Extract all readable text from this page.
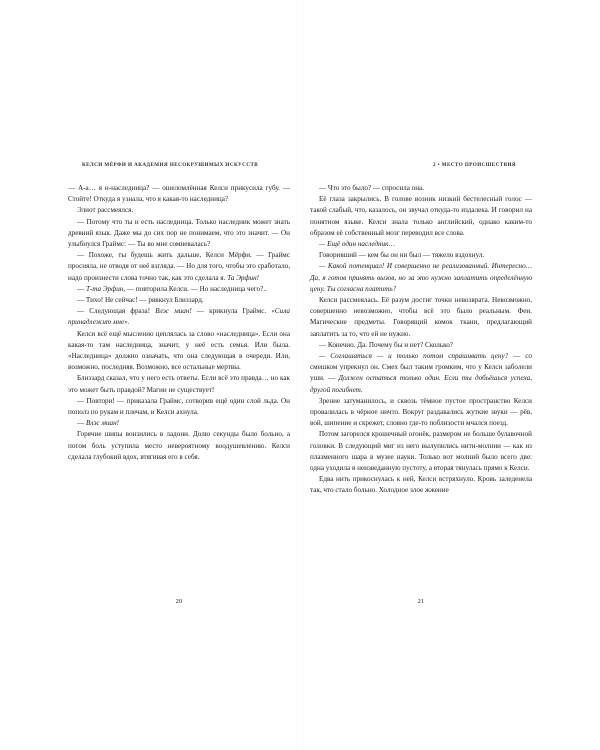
КЕЛСИ МЁРФИ И АКАДЕМИЯ НЕСОКРУШИМЫХ ИСКУССТВ

— А-а… я н-наследница? — ошеломлённая Келси прикусила губу. — Стойте! Откуда я узнала, что я какая-то наследница?

Элиот рассмеялся.

— Потому что ты и есть наследница. Только наследник может знать древний язык. Даже мы до сих пор не понимаем, что это значит. — Он улыбнулся Граймс: — Ты во мне сомневалась?

— Похоже, ты будешь жить дальше, Келси Мёрфи. — Граймс просияла, не отводя от неё взгляда. — Но для того, чтобы это сработало, надо произнести слова точно так, как это сделала я. Та Эрфин!

— Т-та Эрфин, — повторила Келси. — Но наследница чего?..

— Тихо! Не сейчас! — рявкнул Близзард.

— Следующая фраза! Влэс миан! — крикнула Граймс. «Сила принадлежит мне».

Келси всё ещё мысленно цеплялась за слово «наследница». Если она какая-то там наследница, значит, у неё есть семья. Или была. «Наследница» должно означать, что она следующая в очереди. Или, возможно, последняя. Возможно, все остальные мертвы.

Близзард сказал, что у него есть ответы. Если всё это правда… но как это может быть правдой? Магии не существует!

— Повтори! — приказала Граймс, сотворив ещё один слой льда. Он пополз по рукам и плечам, и Келси ахнула.

— Влэс миан!

Горячие шипы вонзились в ладони. Долю секунды было больно, а потом боль уступила место невероятному воодушевлению. Келси сделала глубокий вдох, втягивая его в себя.

20
2 • МЕСТО ПРОИСШЕСТВИЯ

— Что это было? — спросила она.

Её глаза закрылись. В голове возник низкий бестелесный голос — такой слабый, что, казалось, он звучал откуда-то издалека. И говорил на понятном языке. Келси знала только английский, однако каким-то образом её собственный мозг переводил все слова.

— Ещё один наследник…

Говоривший — кем бы он ни был — тяжело вздохнул.

— Какой потенциал! И совершенно не реализованный. Интересно… Да, я готов принять вызов, но за это нужно заплатить определённую цену. Ты согласна платить?

Келси рассмеялась. Её разум достиг точки невозврата. Невозможно, совершенно невозможно, чтобы всё это было реальным. Феи. Магические предметы. Говорящий комок ткани, предлагающий заплатить за то, что ей не нужно.

— Конечно. Да. Почему бы и нет? Сколько?

— Соглашаться — и только потом спрашивать цену? — со смешком упрекнул он. Смех был таким громким, что у Келси заболели уши. — Должен остаться только один. Если ты добьёшься успеха, другой погибнет.

Зрение затуманилось, и сквозь тёмное пустое пространство Келси провалилась в чёрное ничто. Вокруг раздавались жуткие звуки — рёв, вой, шипение и скрежет, словно где-то поблизости мчался поезд.

Потом загорелся крошечный огонёк, размером не больше булавочной головки. В следующий миг из него вылупились нити-молнии — как из плазменного шара в музее науки. Только вот молний было всего две: одна уходила в неизведанную пустоту, а вторая тянулась прямо к Келси.

Едва нить прикоснулась к ней, Келси встряхнуло. Кровь заледенела так, что стало больно. Холодное злое жжение

21
